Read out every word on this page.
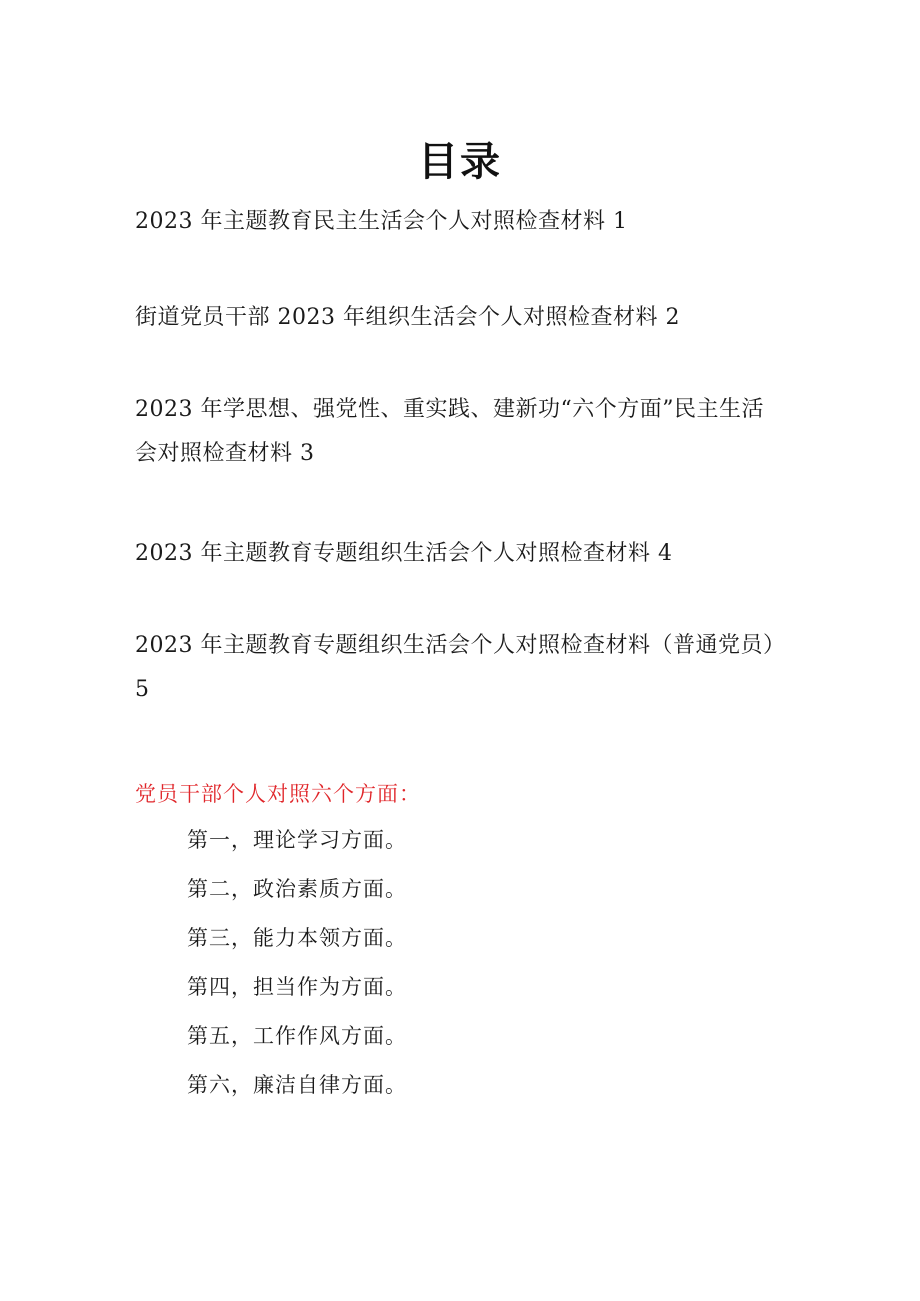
目录

2023 年主题教育民主生活会个人对照检查材料 1

街道党员干部 2023 年组织生活会个人对照检查材料 2

2023 年学思想、强党性、重实践、建新功“六个方面”民主生活会对照检查材料 3

2023 年主题教育专题组织生活会个人对照检查材料 4

2023 年主题教育专题组织生活会个人对照检查材料（普通党员）5

党员干部个人对照六个方面：

第一，理论学习方面。
第二，政治素质方面。
第三，能力本领方面。
第四，担当作为方面。
第五，工作作风方面。
第六，廉洁自律方面。
